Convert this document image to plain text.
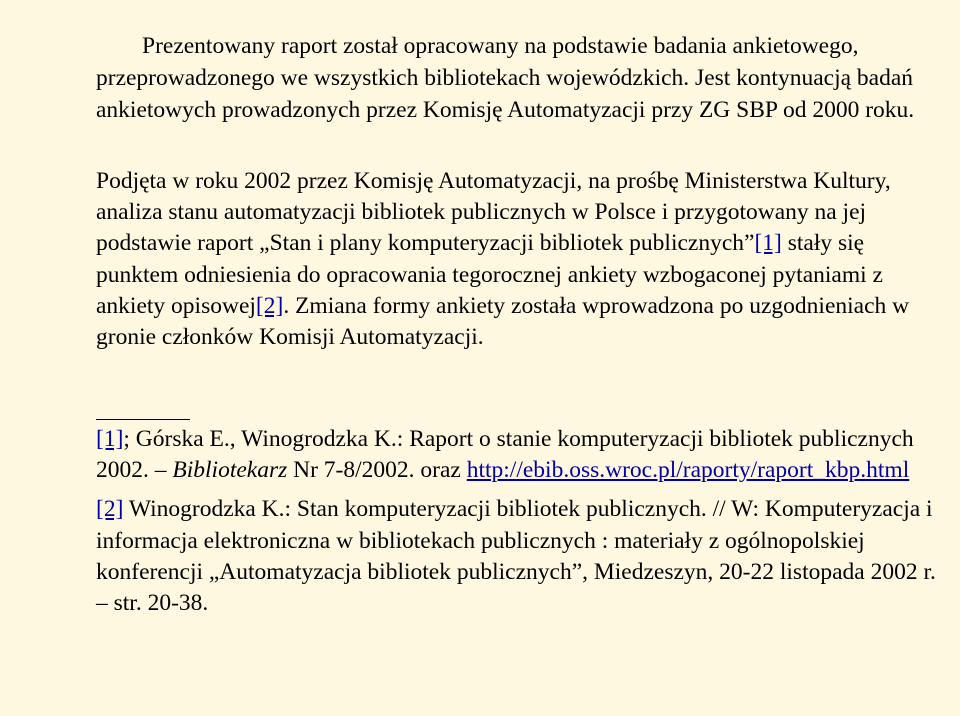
Prezentowany raport został opracowany na podstawie badania ankietowego, przeprowadzonego we wszystkich bibliotekach wojewódzkich. Jest kontynuacją badań ankietowych prowadzonych przez Komisję Automatyzacji przy ZG SBP od 2000 roku.

Podjęta w roku 2002 przez Komisję Automatyzacji, na prośbę Ministerstwa Kultury, analiza stanu automatyzacji bibliotek publicznych w Polsce i przygotowany na jej podstawie raport „Stan i plany komputeryzacji bibliotek publicznych”[1] stały się punktem odniesienia do opracowania tegorocznej ankiety wzbogaconej pytaniami z ankiety opisowej[2]. Zmiana formy ankiety została wprowadzona po uzgodnieniach w gronie członków Komisji Automatyzacji.

[1]; Górska E., Winogrodzka K.: Raport o stanie komputeryzacji bibliotek publicznych 2002. – Bibliotekarz Nr 7-8/2002. oraz http://ebib.oss.wroc.pl/raporty/raport_kbp.html

[2] Winogrodzka K.: Stan komputeryzacji bibliotek publicznych. // W: Komputeryzacja i informacja elektroniczna w bibliotekach publicznych : materiały z ogólnopolskiej konferencji „Automatyzacja bibliotek publicznych”, Miedzeszyn, 20-22 listopada 2002 r. – str. 20-38.
